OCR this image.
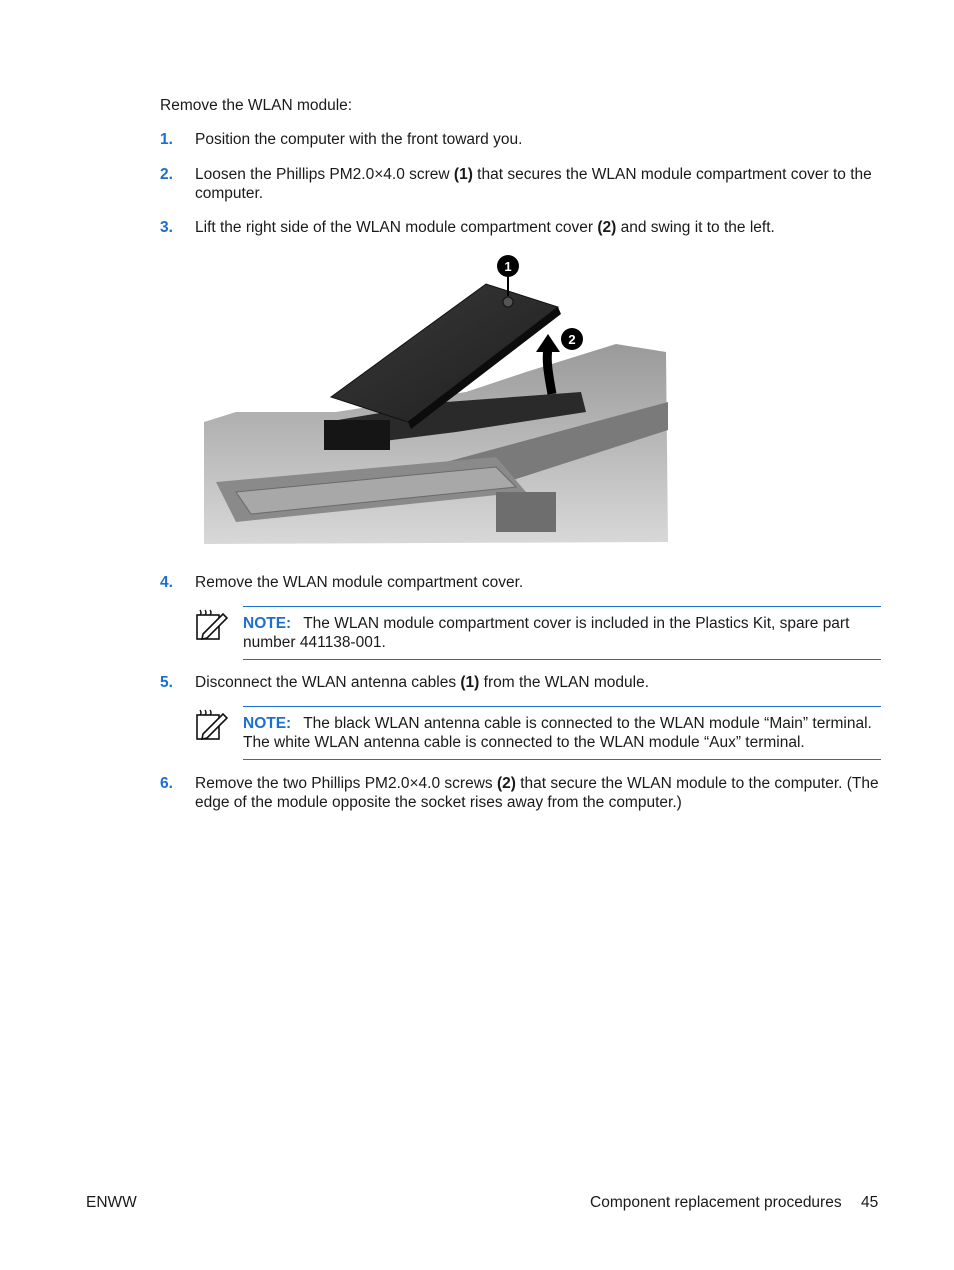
Remove the WLAN module:
1. Position the computer with the front toward you.
2. Loosen the Phillips PM2.0×4.0 screw (1) that secures the WLAN module compartment cover to the computer.
3. Lift the right side of the WLAN module compartment cover (2) and swing it to the left.
1
2
4. Remove the WLAN module compartment cover.
NOTE: The WLAN module compartment cover is included in the Plastics Kit, spare part number 441138-001.
5. Disconnect the WLAN antenna cables (1) from the WLAN module.
NOTE: The black WLAN antenna cable is connected to the WLAN module “Main” terminal. The white WLAN antenna cable is connected to the WLAN module “Aux” terminal.
6. Remove the two Phillips PM2.0×4.0 screws (2) that secure the WLAN module to the computer. (The edge of the module opposite the socket rises away from the computer.)
ENWW	Component replacement procedures 45
